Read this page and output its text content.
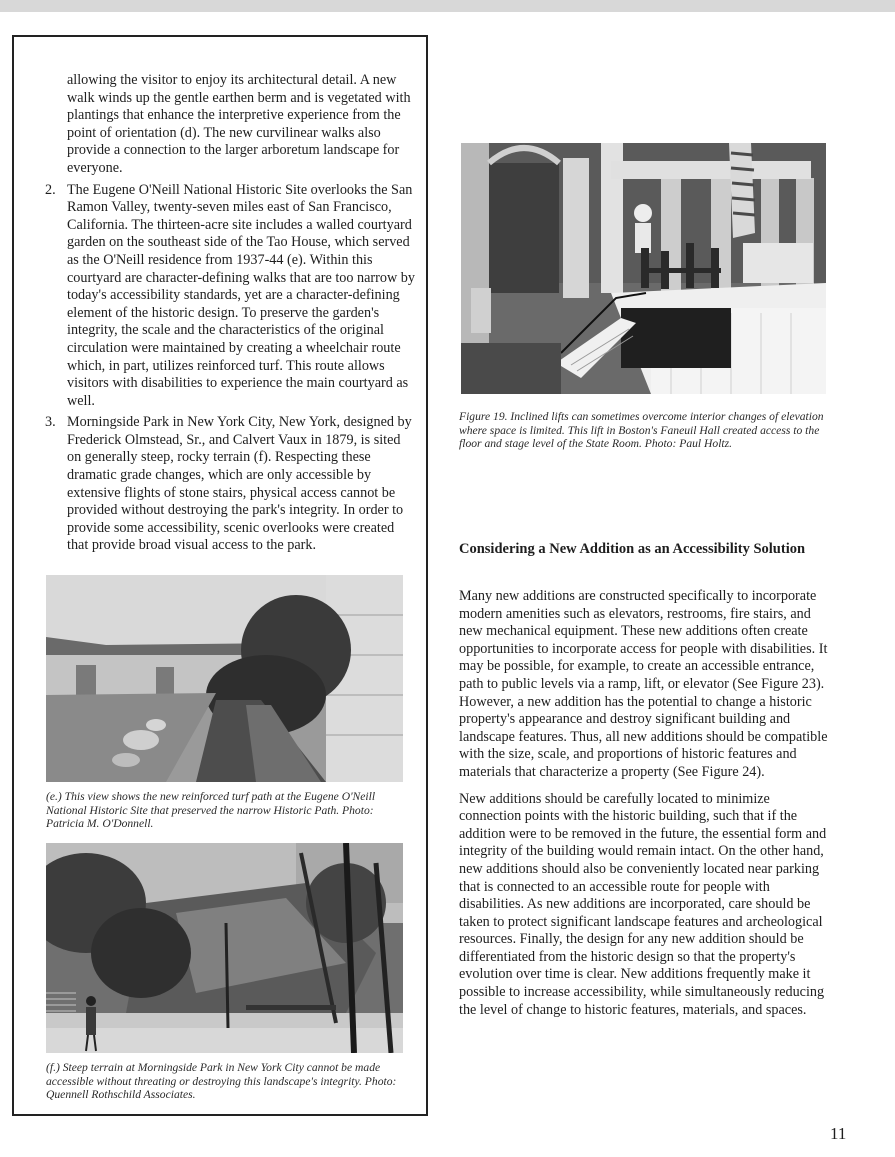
allowing the visitor to enjoy its architectural detail. A new walk winds up the gentle earthen berm and is vegetated with plantings that enhance the interpretive experience from the point of orientation (d). The new curvilinear walks also provide a connection to the larger arboretum landscape for everyone.

2. The Eugene O'Neill National Historic Site overlooks the San Ramon Valley, twenty-seven miles east of San Francisco, California. The thirteen-acre site includes a walled courtyard garden on the southeast side of the Tao House, which served as the O'Neill residence from 1937-44 (e). Within this courtyard are character-defining walks that are too narrow by today's accessibility standards, yet are a character-defining element of the historic design. To preserve the garden's integrity, the scale and the characteristics of the original circulation were maintained by creating a wheelchair route which, in part, utilizes reinforced turf. This route allows visitors with disabilities to experience the main courtyard as well.
3. Morningside Park in New York City, New York, designed by Frederick Olmstead, Sr., and Calvert Vaux in 1879, is sited on generally steep, rocky terrain (f). Respecting these dramatic grade changes, which are only accessible by extensive flights of stone stairs, physical access cannot be provided without destroying the park's integrity. In order to provide some accessibility, scenic overlooks were created that provide broad visual access to the park.
Figure 19. Inclined lifts can sometimes overcome interior changes of elevation where space is limited. This lift in Boston's Faneuil Hall created access to the floor and stage level of the State Room. Photo: Paul Holtz.
(e.) This view shows the new reinforced turf path at the Eugene O'Neill National Historic Site that preserved the narrow Historic Path. Photo: Patricia M. O'Donnell.
(f.) Steep terrain at Morningside Park in New York City cannot be made accessible without threating or destroying this landscape's integrity. Photo: Quennell Rothschild Associates.
Considering a New Addition as an Accessibility Solution

Many new additions are constructed specifically to incorporate modern amenities such as elevators, restrooms, fire stairs, and new mechanical equipment. These new additions often create opportunities to incorporate access for people with disabilities. It may be possible, for example, to create an accessible entrance, path to public levels via a ramp, lift, or elevator (See Figure 23). However, a new addition has the potential to change a historic property's appearance and destroy significant building and landscape features. Thus, all new additions should be compatible with the size, scale, and proportions of historic features and materials that characterize a property (See Figure 24).

New additions should be carefully located to minimize connection points with the historic building, such that if the addition were to be removed in the future, the essential form and integrity of the building would remain intact. On the other hand, new additions should also be conveniently located near parking that is connected to an accessible route for people with disabilities. As new additions are incorporated, care should be taken to protect significant landscape features and archeological resources. Finally, the design for any new addition should be differentiated from the historic design so that the property's evolution over time is clear. New additions frequently make it possible to increase accessibility, while simultaneously reducing the level of change to historic features, materials, and spaces.

11
